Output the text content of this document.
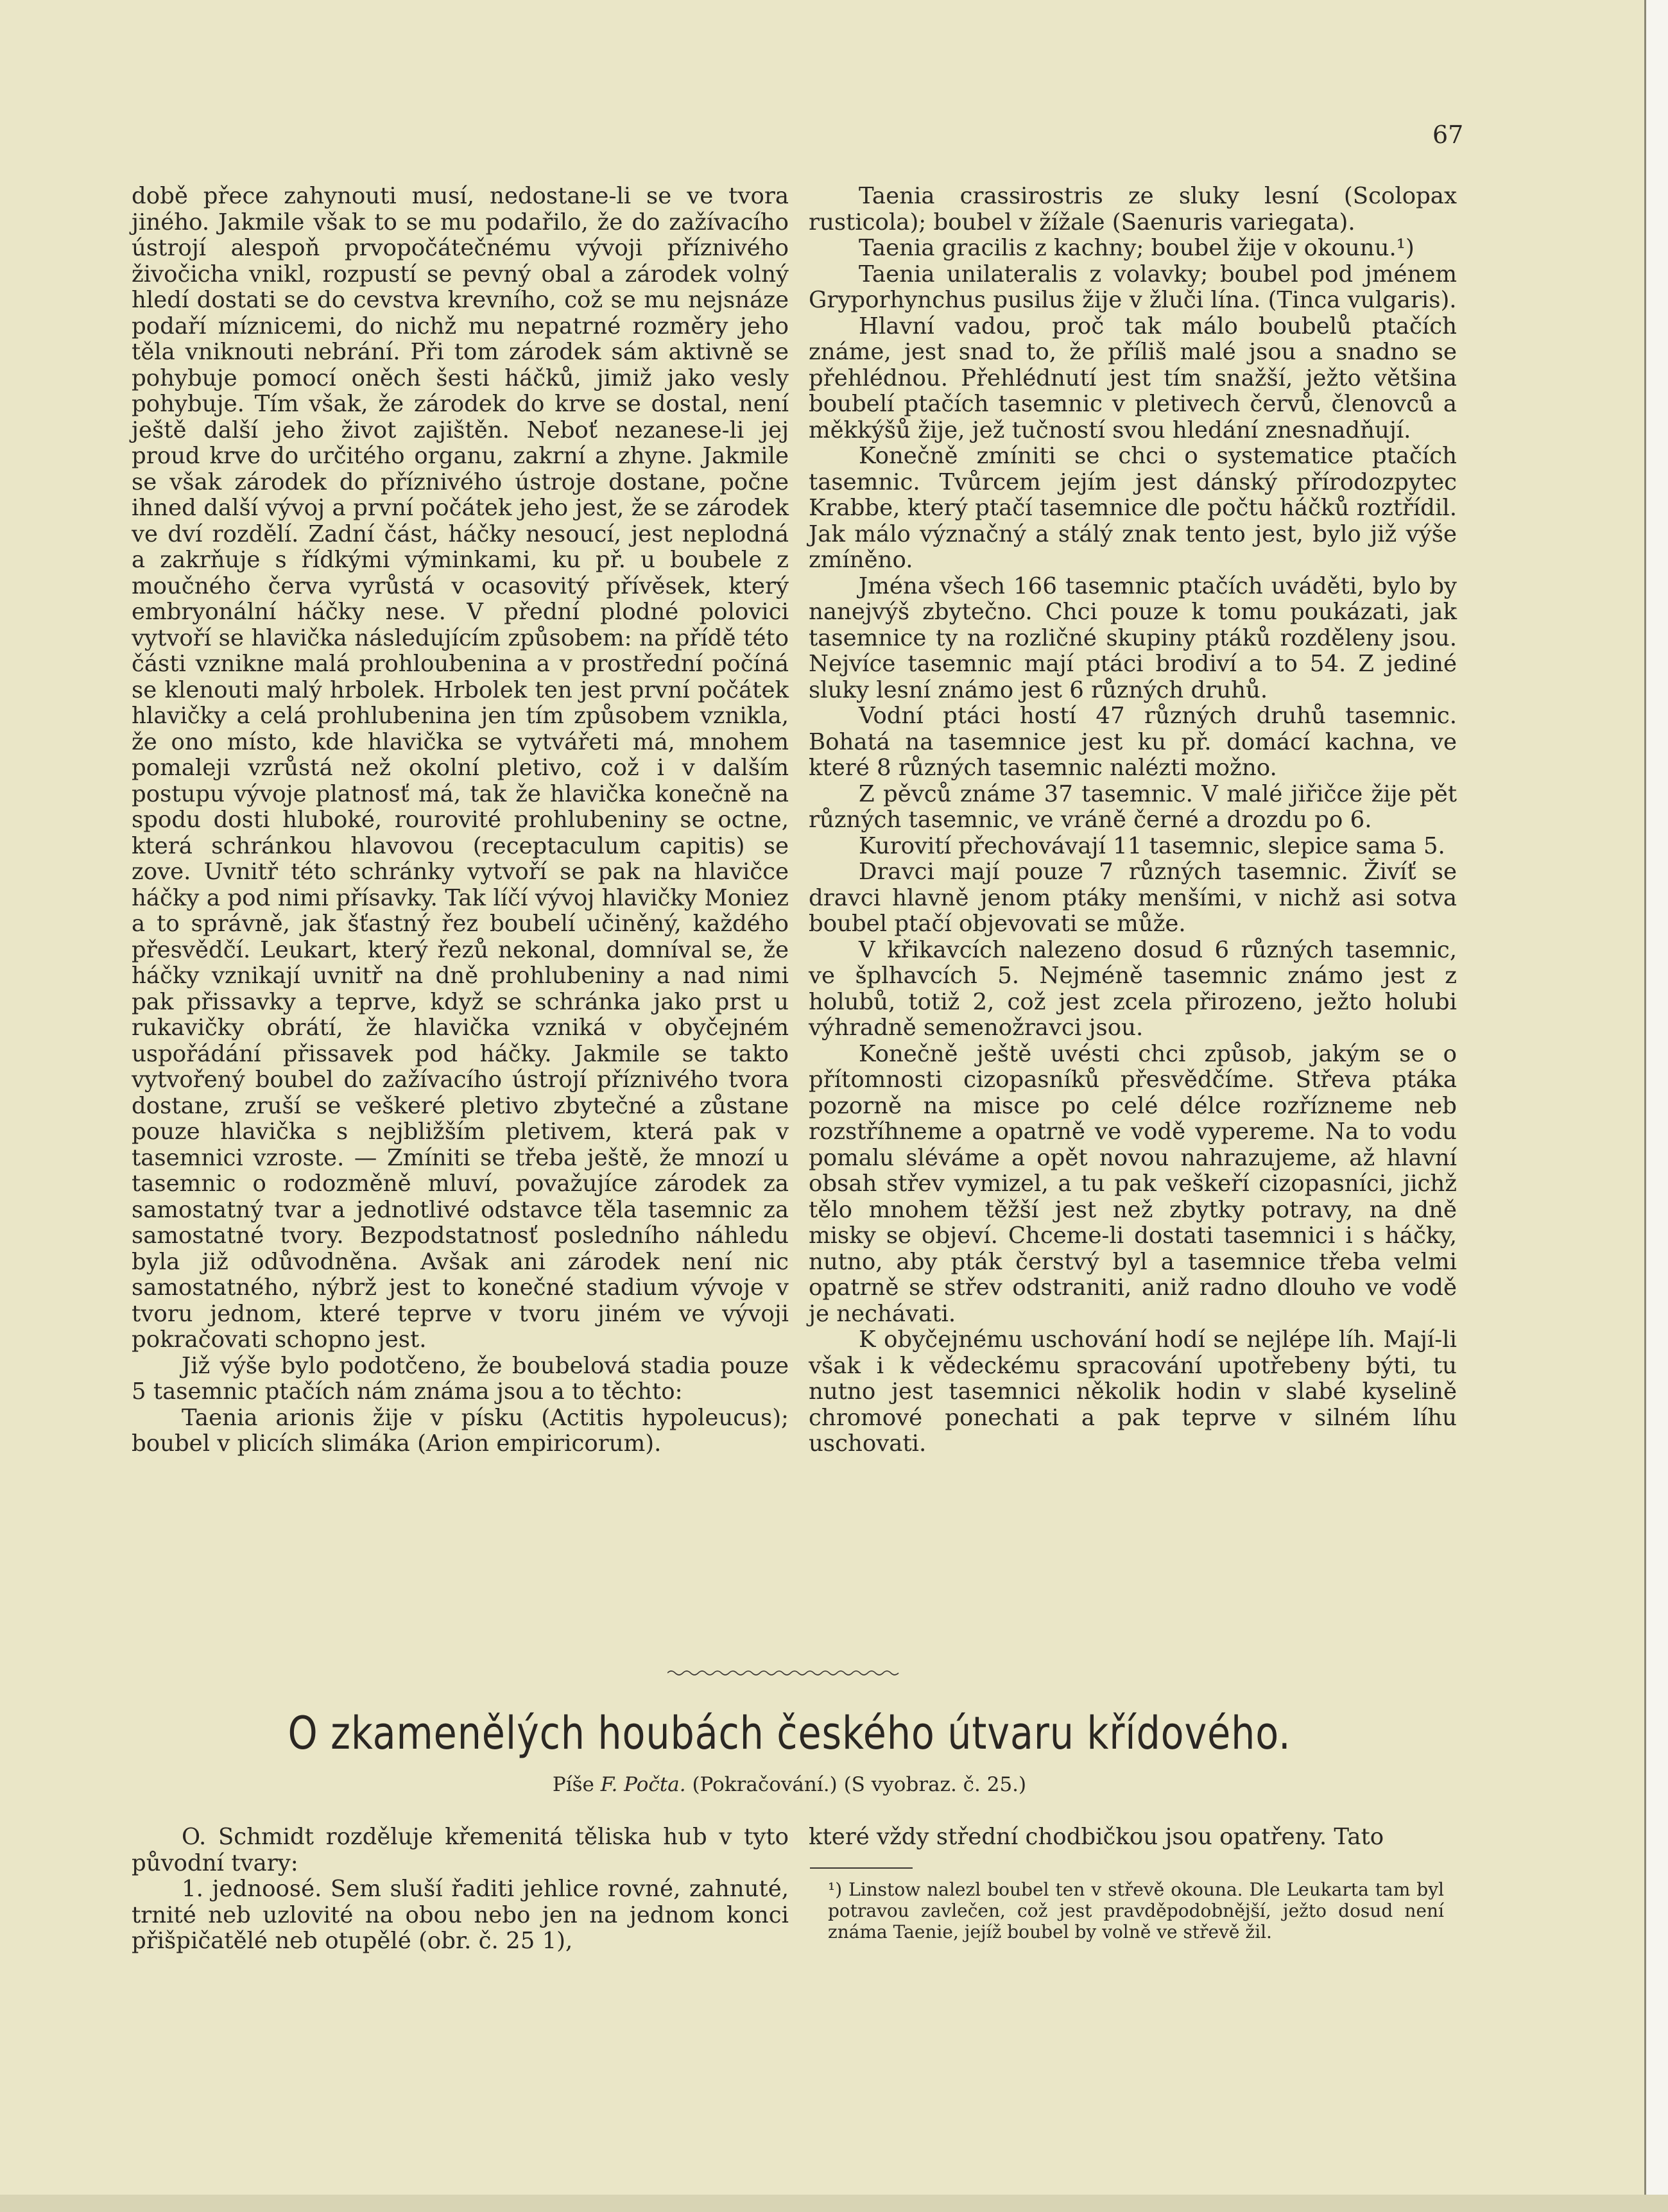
67

době přece zahynouti musí, nedostane-li se ve tvora jiného. Jakmile však to se mu podařilo, že do zažívacího ústrojí alespoň prvopočátečnému vývoji příznivého živočicha vnikl, rozpustí se pevný obal a zárodek volný hledí dostati se do cevstva krevního, což se mu nejsnáze podaří míznicemi, do nichž mu nepatrné rozměry jeho těla vniknouti nebrání. Při tom zárodek sám aktivně se pohybuje pomocí oněch šesti háčků, jimiž jako vesly pohybuje. Tím však, že zárodek do krve se dostal, není ještě další jeho život zajištěn. Neboť nezanese-li jej proud krve do určitého organu, zakrní a zhyne. Jakmile se však zárodek do příznivého ústroje dostane, počne ihned další vývoj a první počátek jeho jest, že se zárodek ve dví rozdělí. Zadní část, háčky nesoucí, jest neplodná a zakrňuje s řídkými výminkami, ku př. u boubele z moučného červa vyrůstá v ocasovitý přívěsek, který embryonální háčky nese. V přední plodné polovici vytvoří se hlavička následujícím způsobem: na přídě této části vznikne malá prohloubenina a v prostřední počíná se klenouti malý hrbolek. Hrbolek ten jest první počátek hlavičky a celá prohlubenina jen tím způsobem vznikla, že ono místo, kde hlavička se vytvářeti má, mnohem pomaleji vzrůstá než okolní pletivo, což i v dalším postupu vývoje platnosť má, tak že hlavička konečně na spodu dosti hluboké, rourovité prohlubeniny se octne, která schránkou hlavovou (receptaculum capitis) se zove. Uvnitř této schránky vytvoří se pak na hlavičce háčky a pod nimi přísavky. Tak líčí vývoj hlavičky Moniez a to správně, jak šťastný řez boubelí učiněný, každého přesvědčí. Leukart, který řezů nekonal, domníval se, že háčky vznikají uvnitř na dně prohlubeniny a nad nimi pak přissavky a teprve, když se schránka jako prst u rukavičky obrátí, že hlavička vzniká v obyčejném uspořádání přissavek pod háčky. Jakmile se takto vytvořený boubel do zažívacího ústrojí příznivého tvora dostane, zruší se veškeré pletivo zbytečné a zůstane pouze hlavička s nejbližším pletivem, která pak v tasemnici vzroste. — Zmíniti se třeba ještě, že mnozí u tasemnic o rodozměně mluví, považujíce zárodek za samostatný tvar a jednotlivé odstavce těla tasemnic za samostatné tvory. Bezpodstatnosť posledního náhledu byla již odůvodněna. Avšak ani zárodek není nic samostatného, nýbrž jest to konečné stadium vývoje v tvoru jednom, které teprve v tvoru jiném ve vývoji pokračovati schopno jest.

Již výše bylo podotčeno, že boubelová stadia pouze 5 tasemnic ptačích nám známa jsou a to těchto:

Taenia arionis žije v písku (Actitis hypoleucus); boubel v plicích slimáka (Arion empiricorum).

Taenia crassirostris ze sluky lesní (Scolopax rusticola); boubel v žížale (Saenuris variegata).

Taenia gracilis z kachny; boubel žije v okounu.¹)

Taenia unilateralis z volavky; boubel pod jménem Gryporhynchus pusilus žije v žluči lína. (Tinca vulgaris).

Hlavní vadou, proč tak málo boubelů ptačích známe, jest snad to, že příliš malé jsou a snadno se přehlédnou. Přehlédnutí jest tím snažší, ježto většina boubelí ptačích tasemnic v pletivech červů, členovců a měkkýšů žije, jež tučností svou hledání znesnadňují.

Konečně zmíniti se chci o systematice ptačích tasemnic. Tvůrcem jejím jest dánský přírodozpytec Krabbe, který ptačí tasemnice dle počtu háčků roztřídil. Jak málo význačný a stálý znak tento jest, bylo již výše zmíněno.

Jména všech 166 tasemnic ptačích uváděti, bylo by nanejvýš zbytečno. Chci pouze k tomu poukázati, jak tasemnice ty na rozličné skupiny ptáků rozděleny jsou. Nejvíce tasemnic mají ptáci brodiví a to 54. Z jediné sluky lesní známo jest 6 různých druhů.

Vodní ptáci hostí 47 různých druhů tasemnic. Bohatá na tasemnice jest ku př. domácí kachna, ve které 8 různých tasemnic nalézti možno.

Z pěvců známe 37 tasemnic. V malé jiřičce žije pět různých tasemnic, ve vráně černé a drozdu po 6.

Kurovití přechovávají 11 tasemnic, slepice sama 5.

Dravci mají pouze 7 různých tasemnic. Živíť se dravci hlavně jenom ptáky menšími, v nichž asi sotva boubel ptačí objevovati se může.

V křikavcích nalezeno dosud 6 různých tasemnic, ve šplhavcích 5. Nejméně tasemnic známo jest z holubů, totiž 2, což jest zcela přirozeno, ježto holubi výhradně semenožravci jsou.

Konečně ještě uvésti chci způsob, jakým se o přítomnosti cizopasníků přesvědčíme. Střeva ptáka pozorně na misce po celé délce rozříznemе neb rozstříhneme a opatrně ve vodě vypereme. Na to vodu pomalu sléváme a opět novou nahrazujeme, až hlavní obsah střev vymizel, a tu pak veškeří cizopasníci, jichž tělo mnohem těžší jest než zbytky potravy, na dně misky se objeví. Chceme-li dostati tasemnici i s háčky, nutno, aby pták čerstvý byl a tasemnice třeba velmi opatrně se střev odstraniti, aniž radno dlouho ve vodě je nechávati.

K obyčejnému uschování hodí se nejlépe líh. Mají-li však i k vědeckému spracování upotřebeny býti, tu nutno jest tasemnici několik hodin v slabé kyselině chromové ponechati a pak teprve v silném líhu uschovati.

O zkamenělých houbách českého útvaru křídového.
Píše F. Počta. (Pokračování.) (S vyobraz. č. 25.)

O. Schmidt rozděluje křemenitá těliska hub v tyto původní tvary:

1. jednoosé. Sem sluší řaditi jehlice rovné, zahnuté, trnité neb uzlovité na obou nebo jen na jednom konci přišpičatělé neb otupělé (obr. č. 25 1),

které vždy střední chodbičkou jsou opatřeny. Tato

¹) Linstow nalezl boubel ten v střevě okouna. Dle Leukarta tam byl potravou zavlečen, což jest pravděpodobnější, ježto dosud není známa Taenie, jejíž boubel by volně ve střevě žil.
